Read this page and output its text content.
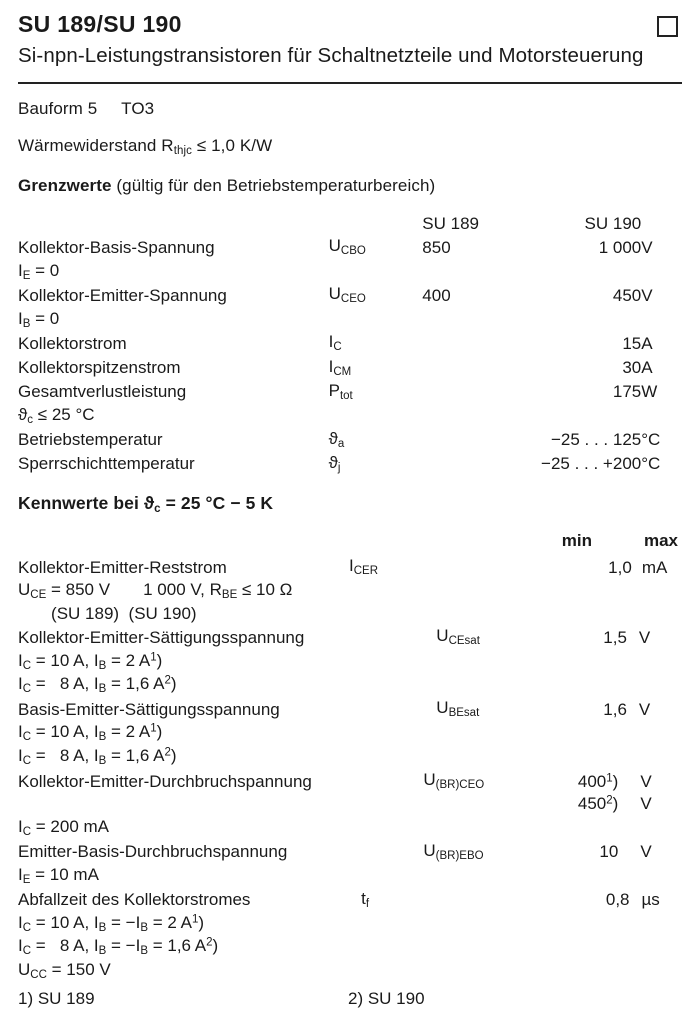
SU 189/SU 190
Si-npn-Leistungstransistoren für Schaltnetzteile und Motorsteuerung
Bauform 5 TO3
Wärmewiderstand $R_{thjc} \le 1,0$ K/W
Grenzwerte (gültig für den Betriebstemperaturbereich)
		SU 189	SU 190	
Kollektor-Basis-Spannung	$U_{CBO}$	850	1 000	V
$I_E = 0$
Kollektor-Emitter-Spannung	$U_{CEO}$	400	450	V
$I_B = 0$
Kollektorstrom	$I_C$		15	A
Kollektorspitzenstrom	$I_{CM}$		30	A
Gesamtverlustleistung	$P_{tot}$		175	W
$ϑ_c \le 25$ °C
Betriebstemperatur	$ϑ_a$		−25 . . . 125	°C
Sperrschichttemperatur	$ϑ_j$		−25 . . . +200	°C
Kennwerte bei $ϑ_c = 25$ °C − 5 K
min	max
Kollektor-Emitter-Reststrom	$I_{CER}$		1,0	mA
$U_{CE} = 850$ V       1 000 V, $R_{BE} \le 10$ Ω
(SU 189)  (SU 190)
Kollektor-Emitter-Sättigungsspannung	$U_{CEsat}$	1,5	V
$I_C = 10$ A, $I_B = 2$ $A^1$)
$I_C = 8$ A, $I_B = 1,6$ $A^2$)
Basis-Emitter-Sättigungsspannung	$U_{BEsat}$	1,6	V
$I_C = 10$ A, $I_B = 2$ $A^1$)
$I_C = 8$ A, $I_B = 1,6$ $A^2$)
Kollektor-Emitter-Durchbruchspannung	$U_{(BR)CEO}$	$400^1$)	V
		$450^2$)	V
$I_C = 200$ mA
Emitter-Basis-Durchbruchspannung	$U_{(BR)EBO}$	10	V
$I_E = 10$ mA
Abfallzeit des Kollektorstromes	$t_f$		0,8	µs
$I_C = 10$ A, $I_B = -I_B = 2$ $A^1$)
$I_C = 8$ A, $I_B = -I_B = 1,6$ $A^2$)
$U_{CC} = 150$ V
1) SU 189	2) SU 190
